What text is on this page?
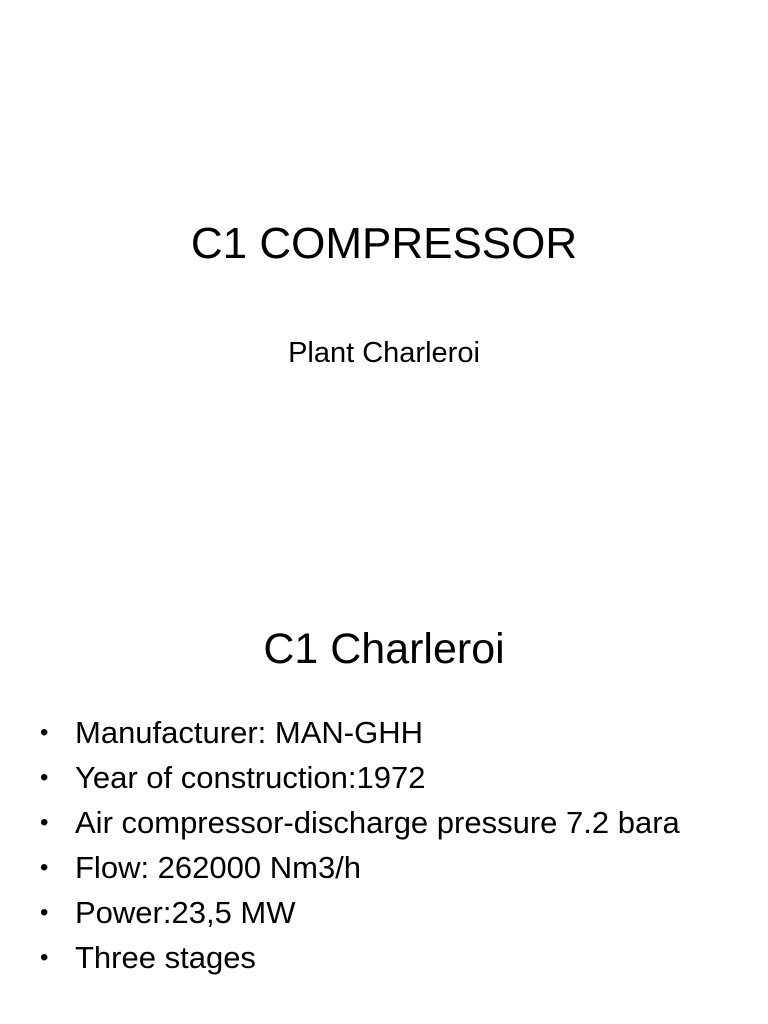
C1 COMPRESSOR
Plant Charleroi
C1 Charleroi
• Manufacturer: MAN-GHH
• Year of construction:1972
• Air compressor-discharge pressure 7.2 bara
• Flow: 262000 Nm3/h
• Power:23,5 MW
• Three stages
